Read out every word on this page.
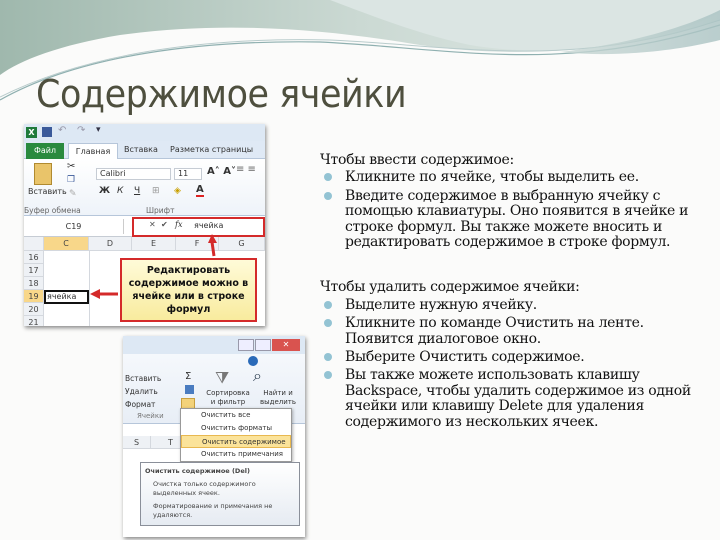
Содержимое ячейки
X ↶ ↷ ▾
Файл	Главная	Вставка Разметка страницы
Вставить
✂
❐
✎
Calibri	11	A˄ A˅
Ж К Ч ⊞ ◈ A
≡ ≡
Буфер обмена	Шрифт
C19	✕ ✔ fx ячейка
C	D	E	F	G
16
17
18
19
20
21
ячейка
Редактировать содержимое можно в ячейке или в строке формул
✕
Вставить
Удалить
Формат
Ячейки
Σ ⧩
Сортировка и фильтр
⌕
Найти и выделить
S	T
Очистить все
Очистить форматы
Очистить содержимое
Очистить примечания
Очистить содержимое (Del)
Очистка только содержимого выделенных ячеек.
Форматирование и примечания не удаляются.
Чтобы ввести содержимое:
Кликните по ячейке, чтобы выделить ее.
Введите содержимое в выбранную ячейку с помощью клавиатуры. Оно появится в ячейке и строке формул. Вы также можете вносить и редактировать содержимое в строке формул.
Чтобы удалить содержимое ячейки:
Выделите нужную ячейку.
Кликните по команде Очистить на ленте. Появится диалоговое окно.
Выберите Очистить содержимое.
Вы также можете использовать клавишу Backspace, чтобы удалить содержимое из одной ячейки или клавишу Delete для удаления содержимого из нескольких ячеек.
